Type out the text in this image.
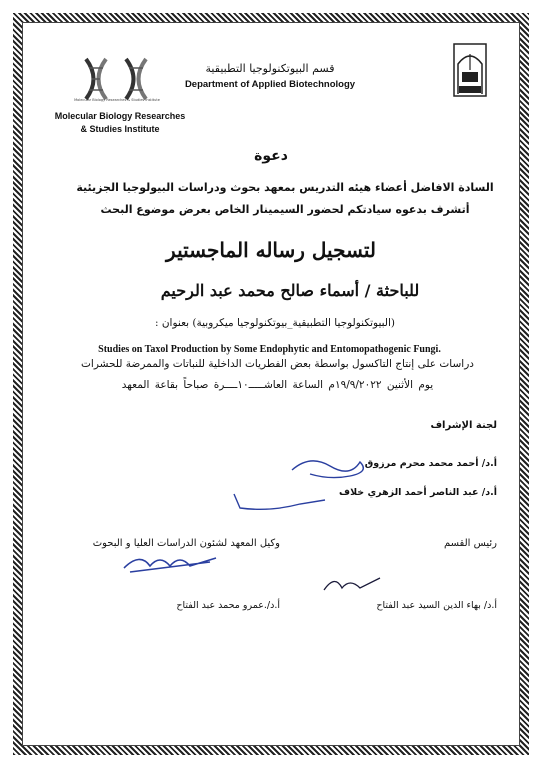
قسم البيوتكنولوجيا التطبيقية
Department of Applied Biotechnology
Molecular Biology Researches & Studies Institute
Molecular Biology Researches
& Studies Institute
دعوة
السادة الافاضل أعضاء هيئه التدريس بمعهد بحوث ودراسات البيولوجيا الجزيئية
أتشرف بدعوه سيادتكم لحضور السيمينار الخاص بعرض موضوع البحث
لتسجيل رساله الماجستير
للباحثة / أسماء صالح محمد عبد الرحيم
(البيوتكنولوجيا التطبيقية_بيوتكنولوجيا ميكروبية) بعنوان :
Studies on Taxol Production by Some Endophytic and Entomopathogenic Fungi.
دراسات على إنتاج التاكسول بواسطة بعض الفطريات الداخلية للنباتات والممرضة للحشرات
يوم الأثنين ١٩/٩/٢٠٢٢م الساعة العاشـــــ١٠ــــرة صباحاً بقاعة المعهد
لجنة الإشراف
أ.د/ أحمد محمد محرم مرزوق
أ.د/ عبد الناصر أحمد الزهري خلاف
رئيس القسم
وكيل المعهد لشئون الدراسات العليا و البحوث
أ.د/ بهاء الدين السيد عبد الفتاح
أ.د/.عمرو محمد عبد الفتاح
